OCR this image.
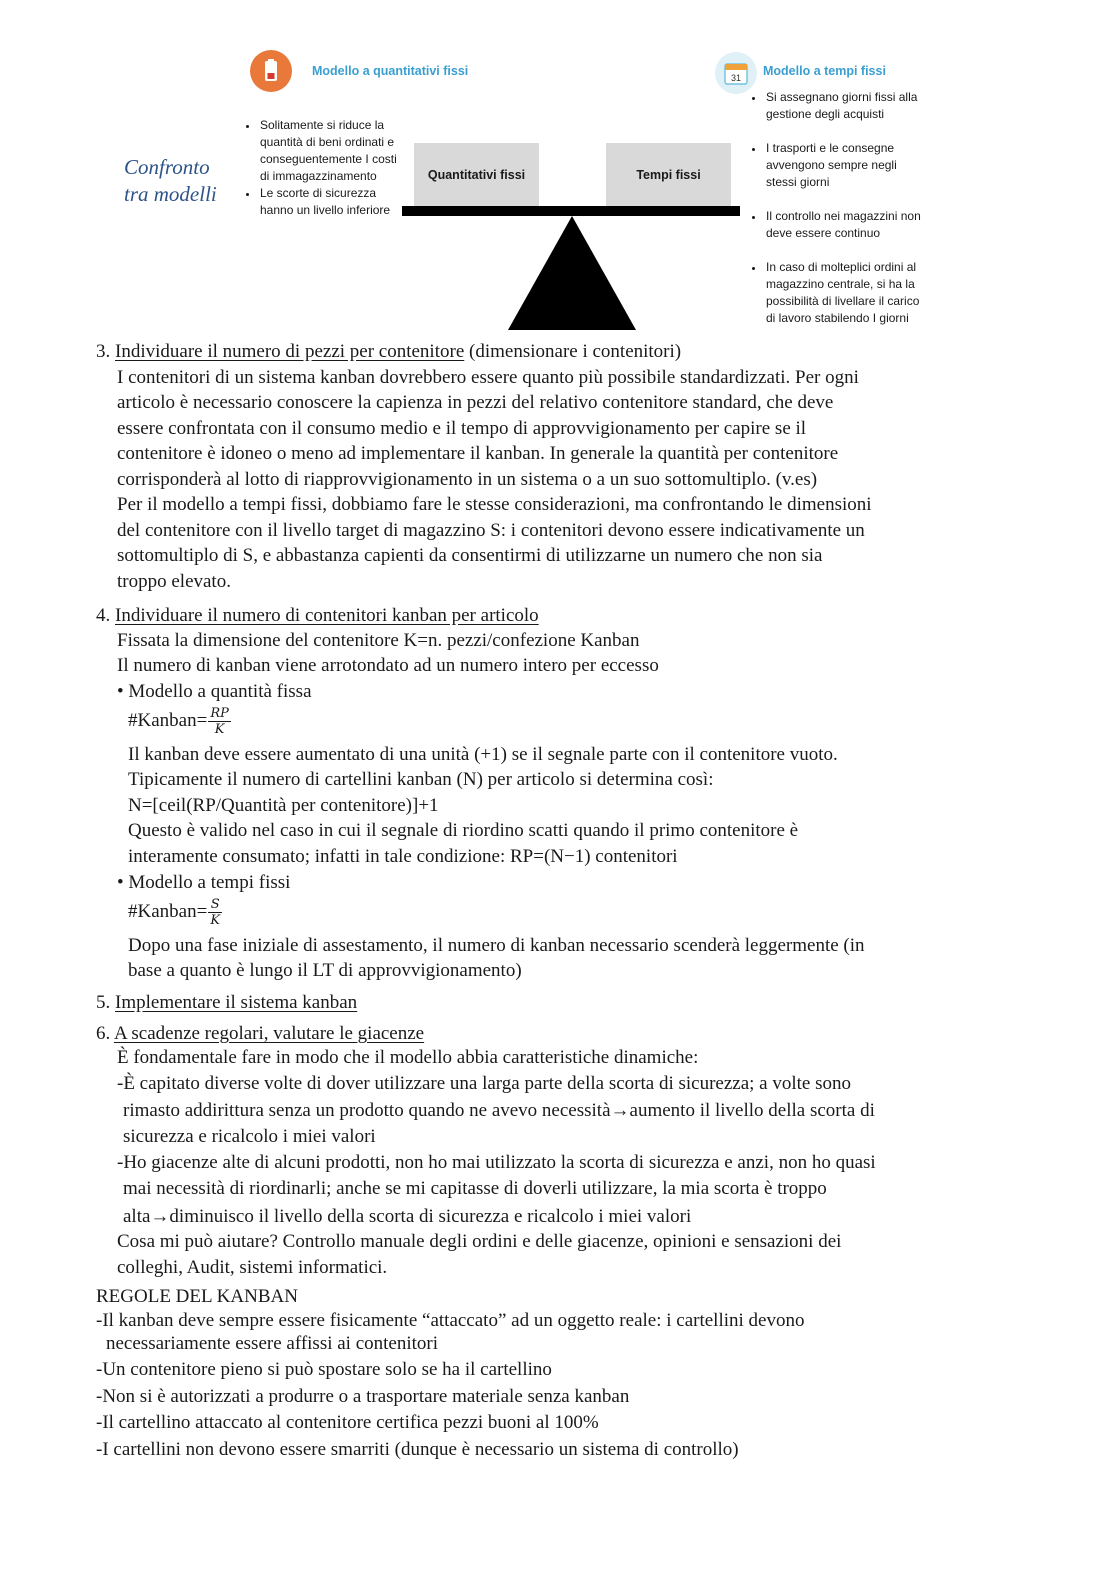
Confronto
tra modelli
Modello a quantitativi fissi
• Solitamente si riduce la quantità di beni ordinati e conseguentemente I costi di immagazzinamento
• Le scorte di sicurezza hanno un livello inferiore
Quantitativi fissi	Tempi fissi
31 Modello a tempi fissi
• Si assegnano giorni fissi alla gestione degli acquisti
• I trasporti e le consegne avvengono sempre negli stessi giorni
• Il controllo nei magazzini non deve essere continuo
• In caso di molteplici ordini al magazzino centrale, si ha la possibilità di livellare il carico di lavoro stabilendo I giorni
3. Individuare il numero di pezzi per contenitore (dimensionare i contenitori)
I contenitori di un sistema kanban dovrebbero essere quanto più possibile standardizzati. Per ogni
articolo è necessario conoscere la capienza in pezzi del relativo contenitore standard, che deve
essere confrontata con il consumo medio e il tempo di approvvigionamento per capire se il
contenitore è idoneo o meno ad implementare il kanban. In generale la quantità per contenitore
corrisponderà al lotto di riapprovvigionamento in un sistema o a un suo sottomultiplo. (v.es)
Per il modello a tempi fissi, dobbiamo fare le stesse considerazioni, ma confrontando le dimensioni
del contenitore con il livello target di magazzino S: i contenitori devono essere indicativamente un
sottomultiplo di S, e abbastanza capienti da consentirmi di utilizzarne un numero che non sia
troppo elevato.
4. Individuare il numero di contenitori kanban per articolo
Fissata la dimensione del contenitore K=n. pezzi/confezione Kanban
Il numero di kanban viene arrotondato ad un numero intero per eccesso
• Modello a quantità fissa
#Kanban= $\frac{RP}{K}$
Il kanban deve essere aumentato di una unità (+1) se il segnale parte con il contenitore vuoto.
Tipicamente il numero di cartellini kanban (N) per articolo si determina così:
N=[ceil(RP/Quantità per contenitore)]+1
Questo è valido nel caso in cui il segnale di riordino scatti quando il primo contenitore è
interamente consumato; infatti in tale condizione: RP=(N−1) contenitori
• Modello a tempi fissi
#Kanban= $\frac{S}{K}$
Dopo una fase iniziale di assestamento, il numero di kanban necessario scenderà leggermente (in
base a quanto è lungo il LT di approvvigionamento)
5. Implementare il sistema kanban
6. A scadenze regolari, valutare le giacenze
È fondamentale fare in modo che il modello abbia caratteristiche dinamiche:
-È capitato diverse volte di dover utilizzare una larga parte della scorta di sicurezza; a volte sono
rimasto addirittura senza un prodotto quando ne avevo necessità→aumento il livello della scorta di
sicurezza e ricalcolo i miei valori
-Ho giacenze alte di alcuni prodotti, non ho mai utilizzato la scorta di sicurezza e anzi, non ho quasi
mai necessità di riordinarli; anche se mi capitasse di doverli utilizzare, la mia scorta è troppo
alta→diminuisco il livello della scorta di sicurezza e ricalcolo i miei valori
Cosa mi può aiutare? Controllo manuale degli ordini e delle giacenze, opinioni e sensazioni dei
colleghi, Audit, sistemi informatici.
REGOLE DEL KANBAN
-Il kanban deve sempre essere fisicamente “attaccato” ad un oggetto reale: i cartellini devono
necessariamente essere affissi ai contenitori
-Un contenitore pieno si può spostare solo se ha il cartellino
-Non si è autorizzati a produrre o a trasportare materiale senza kanban
-Il cartellino attaccato al contenitore certifica pezzi buoni al 100%
-I cartellini non devono essere smarriti (dunque è necessario un sistema di controllo)
